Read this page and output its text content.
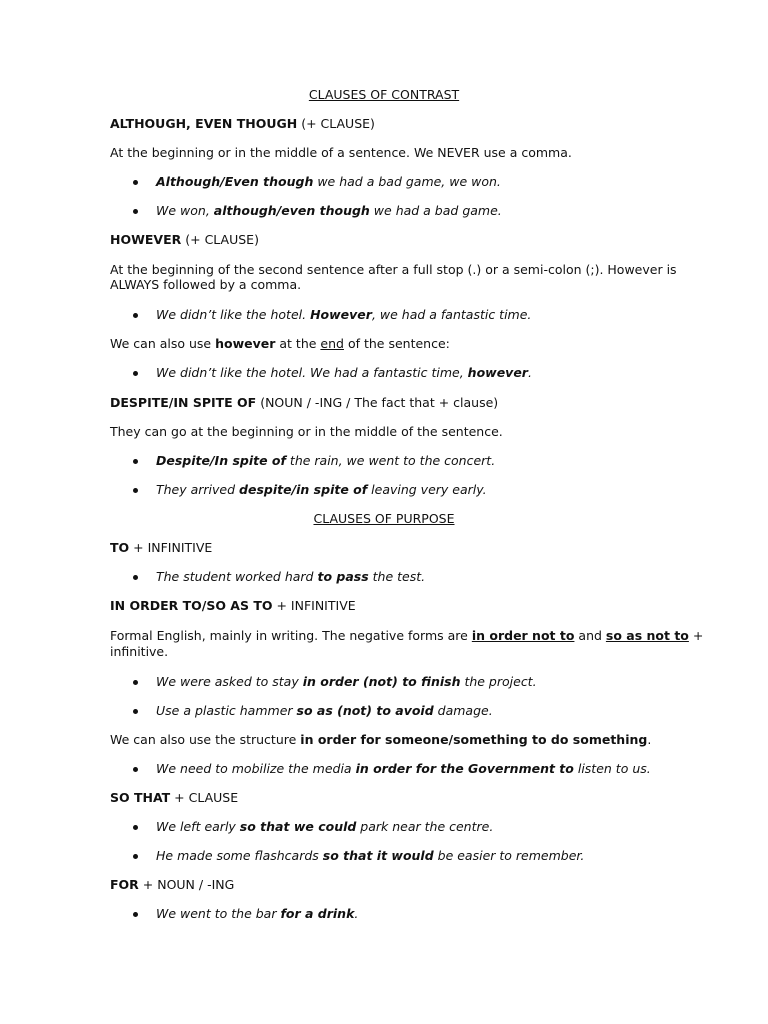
CLAUSES OF CONTRAST
ALTHOUGH, EVEN THOUGH (+ CLAUSE)
At the beginning or in the middle of a sentence. We NEVER use a comma.
Although/Even though we had a bad game, we won.
We won, although/even though we had a bad game.
HOWEVER (+ CLAUSE)
At the beginning of the second sentence after a full stop (.) or a semi-colon (;). However is
ALWAYS followed by a comma.
We didn’t like the hotel. However, we had a fantastic time.
We can also use however at the end of the sentence:
We didn’t like the hotel. We had a fantastic time, however.
DESPITE/IN SPITE OF (NOUN / -ING / The fact that + clause)
They can go at the beginning or in the middle of the sentence.
Despite/In spite of the rain, we went to the concert.
They arrived despite/in spite of leaving very early.
CLAUSES OF PURPOSE
TO + INFINITIVE
The student worked hard to pass the test.
IN ORDER TO/SO AS TO + INFINITIVE
Formal English, mainly in writing. The negative forms are in order not to and so as not to +
infinitive.
We were asked to stay in order (not) to finish the project.
Use a plastic hammer so as (not) to avoid damage.
We can also use the structure in order for someone/something to do something.
We need to mobilize the media in order for the Government to listen to us.
SO THAT + CLAUSE
We left early so that we could park near the centre.
He made some flashcards so that it would be easier to remember.
FOR + NOUN / -ING
We went to the bar for a drink.
